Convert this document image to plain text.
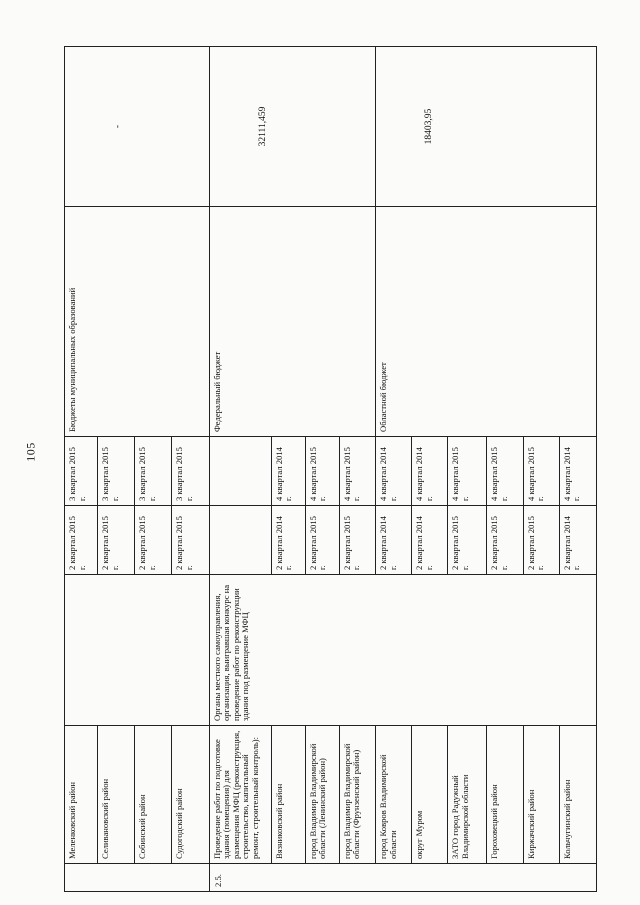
105
	Меленковский район		2 квартал 2015 г.	3 квартал 2015 г.	Бюджеты муниципальных образований	-
	Селивановский район		2 квартал 2015 г.	3 квартал 2015 г.		
	Собинский район		2 квартал 2015 г.	3 квартал 2015 г.		
	Судогодский район		2 квартал 2015 г.	3 квартал 2015 г.		
2.5.	Проведение работ по подготовке здания (помещения) для размещения МФЦ (реконструкция, строительство, капитальный ремонт, строительный контроль):	Органы местного самоуправления, организация, выигравшая конкурс на проведение работ по реконструкции здания под размещение МФЦ			Федеральный бюджет	32111,459
	Вязниковский район		2 квартал 2014 г.	4 квартал 2014 г.		
	город Владимир Владимирской области (Ленинский район)		2 квартал 2015 г.	4 квартал 2015 г.		
	город Владимир Владимирской области (Фрунзенский район)		2 квартал 2015 г.	4 квартал 2015 г.		
	город Ковров Владимирской области		2 квартал 2014 г.	4 квартал 2014 г.	Областной бюджет	18403,95
	округ Муром		2 квартал 2014 г.	4 квартал 2014 г.		
	ЗАТО город Радужный Владимирской области		2 квартал 2015 г.	4 квартал 2015 г.		
	Гороховецкий район		2 квартал 2015 г.	4 квартал 2015 г.		
	Киржачский район		2 квартал 2015 г.	4 квартал 2015 г.		
	Кольчугинский район		2 квартал 2014 г.	4 квартал 2014 г.		
